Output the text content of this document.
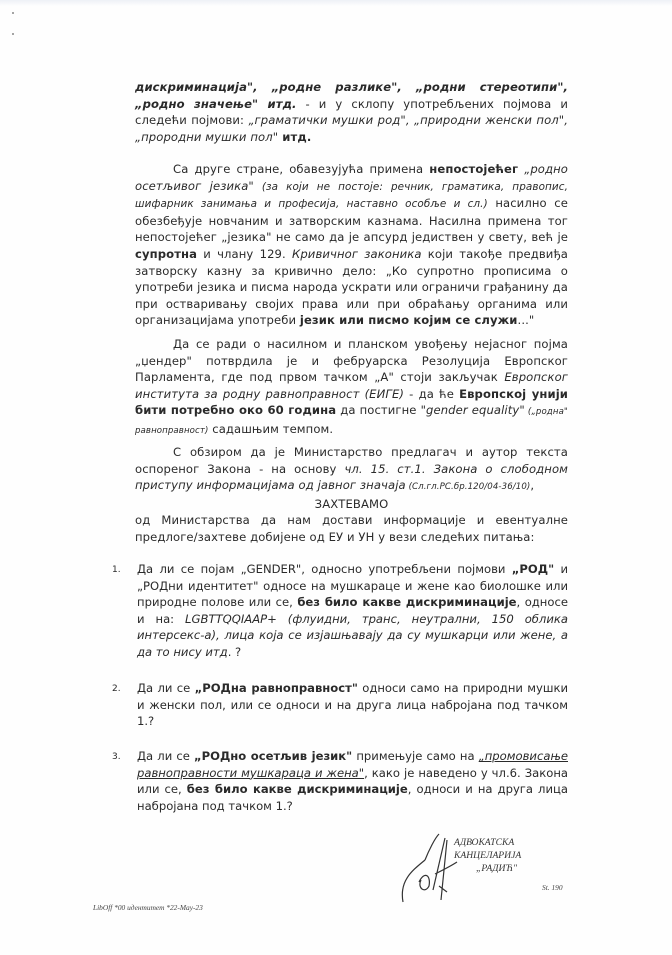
дискриминација", „родне разлике", „родни стереотипи", „родно значење" итд. - и у склопу употребљених појмова и следећи појмови: „граматички мушки род", „природни женски пол", „прородни мушки пол" итд.

Са друге стране, обавезујућа примена непостојећег „родно осетљивог језика" (за који не постоје: речник, граматика, правопис, шифарник занимања и професија, наставно особље и сл.) насилно се обезбеђује новчаним и затворским казнама. Насилна примена тог непостојећег „језика" не само да је апсурд једиствен у свету, већ је супротна и члану 129. Кривичног законика који такође предвиђа затворску казну за кривично дело: „Ко супротно прописима о употреби језика и писма народа ускрати или ограничи грађанину да при остваривању својих права или при обраћању органима или организацијама употреби језик или писмо којим се служи..."

Да се ради о насилном и планском увођењу нејасног појма „џендер" потврдила је и фебруарска Резолуција Европског Парламента, где под првом тачком „А" стоји закључак Европског института за родну равноправност (ЕИГЕ) - да ће Европској унији бити потребно око 60 година да постигне "gender equality" („родна" равноправност) садашњим темпом.

С обзиром да је Министарство предлагач и аутор текста оспореног Закона - на основу чл. 15. ст.1. Закона о слободном приступу информацијама од јавног значаја (Сл.гл.РС.бр.120/04-36/10),

ЗАХТЕВАМО

од Министарства да нам достави информације и евентуалне предлоге/захтеве добијене од ЕУ и УН у вези следећих питања:

1. Да ли се појам „GENDER", односно употребљени појмови „РОД" и „РОДни идентитет" односе на мушкараце и жене као биолошке или природне полове или се, без било какве дискриминације, односе и на: LGBTTQQIAAP+ (флуидни, транс, неутрални, 150 облика интерсекс-а), лица која се изјашњавају да су мушкарци или жене, а да то нису итд. ?
2. Да ли се „РОДна равноправност" односи само на природни мушки и женски пол, или се односи и на друга лица набројана под тачком 1.?
3. Да ли се „РОДно осетљив језик" примењује само на „промовисање равноправности мушкараца и жена", како је наведено у чл.6. Закона или се, без било какве дискриминације, односи и на друга лица набројана под тачком 1.?
АДВОКАТСКА
КАНЦЕЛАРИЈА
„РАДИЋ"
St. 190
LibOff *00 идентитет *22-May-23
